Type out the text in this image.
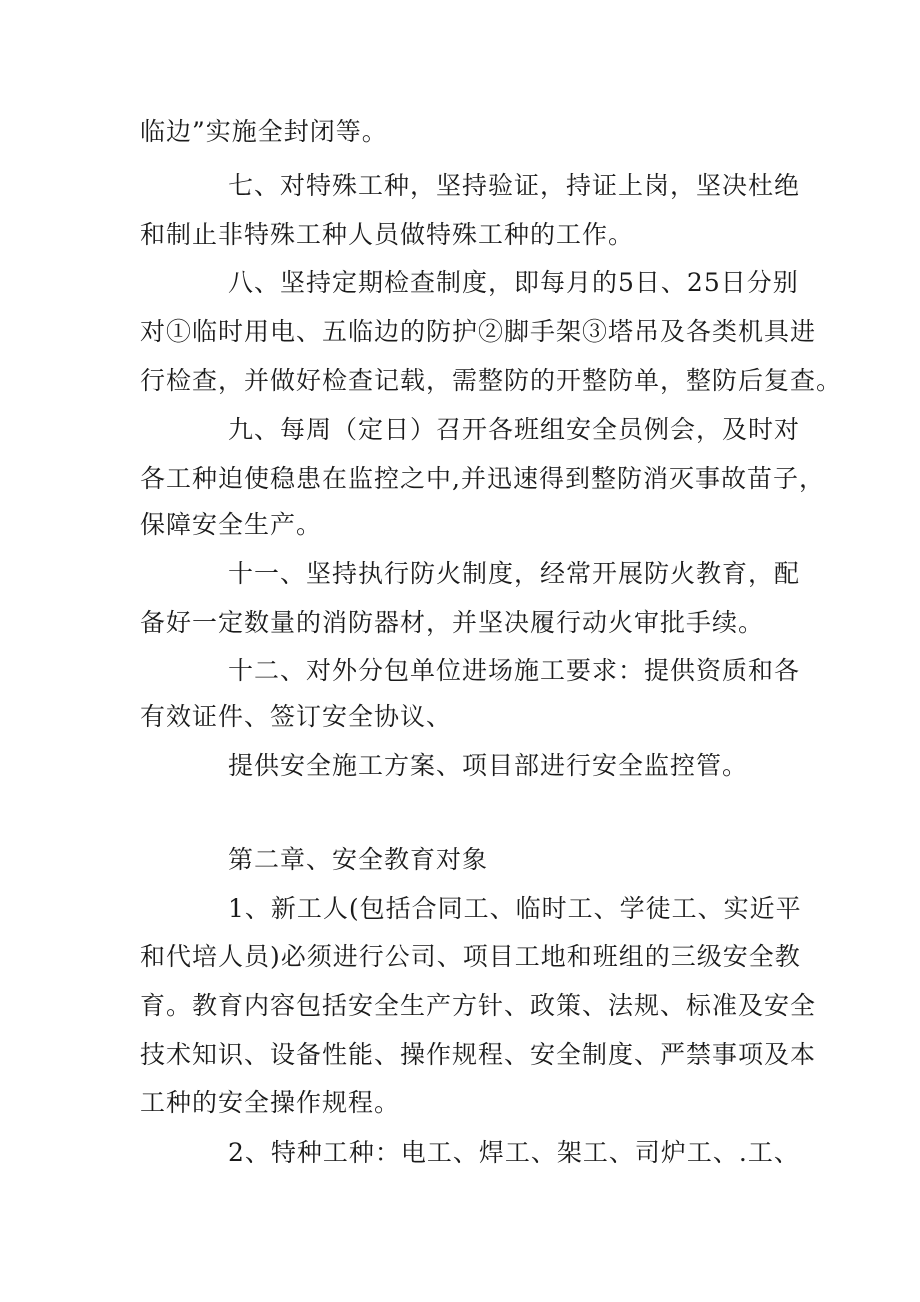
临边”实施全封闭等。
七、对特殊工种，坚持验证，持证上岗，坚决杜绝
和制止非特殊工种人员做特殊工种的工作。
八、坚持定期检查制度，即每月的5日、25日分别
对①临时用电、五临边的防护②脚手架③塔吊及各类机具进
行检查，并做好检查记载，需整防的开整防单，整防后复查。
九、每周（定日）召开各班组安全员例会，及时对
各工种迫使稳患在监控之中,并迅速得到整防消灭事故苗子，
保障安全生产。
十一、坚持执行防火制度，经常开展防火教育，配
备好一定数量的消防器材，并坚决履行动火审批手续。
十二、对外分包单位进场施工要求：提供资质和各
有效证件、签订安全协议、
提供安全施工方案、项目部进行安全监控管。
第二章、安全教育对象
1、新工人(包括合同工、临时工、学徒工、实近平
和代培人员)必须进行公司、项目工地和班组的三级安全教
育。教育内容包括安全生产方针、政策、法规、标准及安全
技术知识、设备性能、操作规程、安全制度、严禁事项及本
工种的安全操作规程。
2、特种工种：电工、焊工、架工、司炉工、.工、
